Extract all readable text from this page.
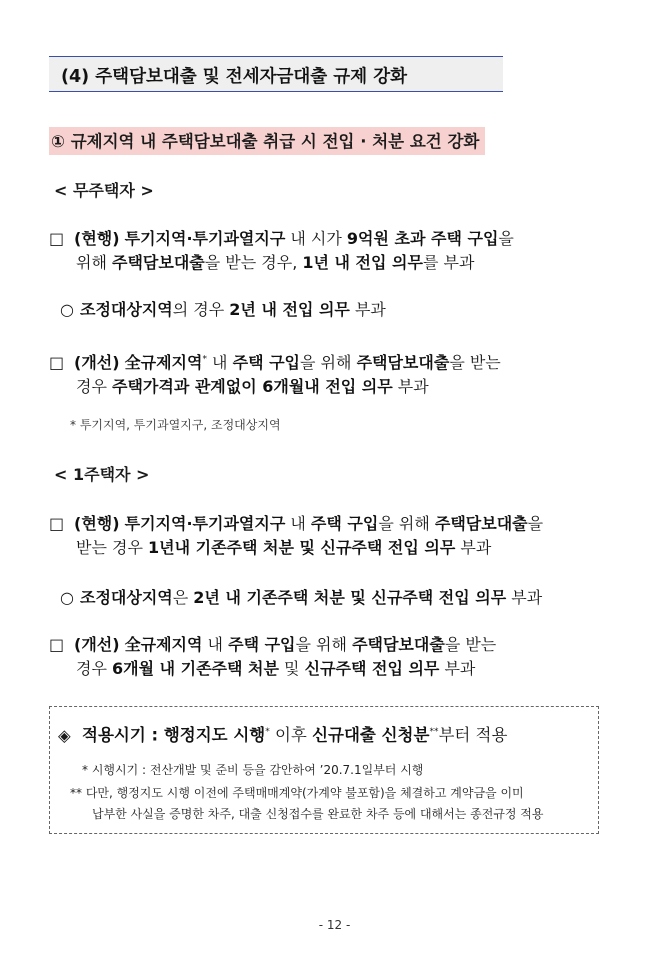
(4) 주택담보대출 및 전세자금대출 규제 강화
① 규제지역 내 주택담보대출 취급 시 전입 · 처분 요건 강화
< 무주택자 >
□ (현행) 투기지역·투기과열지구 내 시가 9억원 초과 주택 구입을
위해 주택담보대출을 받는 경우, 1년 내 전입 의무를 부과
○ 조정대상지역의 경우 2년 내 전입 의무 부과
□ (개선) 全규제지역* 내 주택 구입을 위해 주택담보대출을 받는
경우 주택가격과 관계없이 6개월내 전입 의무 부과
* 투기지역, 투기과열지구, 조정대상지역
< 1주택자 >
□ (현행) 투기지역·투기과열지구 내 주택 구입을 위해 주택담보대출을
받는 경우 1년내 기존주택 처분 및 신규주택 전입 의무 부과
○ 조정대상지역은 2년 내 기존주택 처분 및 신규주택 전입 의무 부과
□ (개선) 全규제지역 내 주택 구입을 위해 주택담보대출을 받는
경우 6개월 내 기존주택 처분 및 신규주택 전입 의무 부과
◈ 적용시기 : 행정지도 시행* 이후 신규대출 신청분**부터 적용
* 시행시기 : 전산개발 및 준비 등을 감안하여 ’20.7.1일부터 시행
** 다만, 행정지도 시행 이전에 주택매매계약(가계약 불포함)을 체결하고 계약금을 이미
납부한 사실을 증명한 차주, 대출 신청접수를 완료한 차주 등에 대해서는 종전규정 적용
- 12 -
